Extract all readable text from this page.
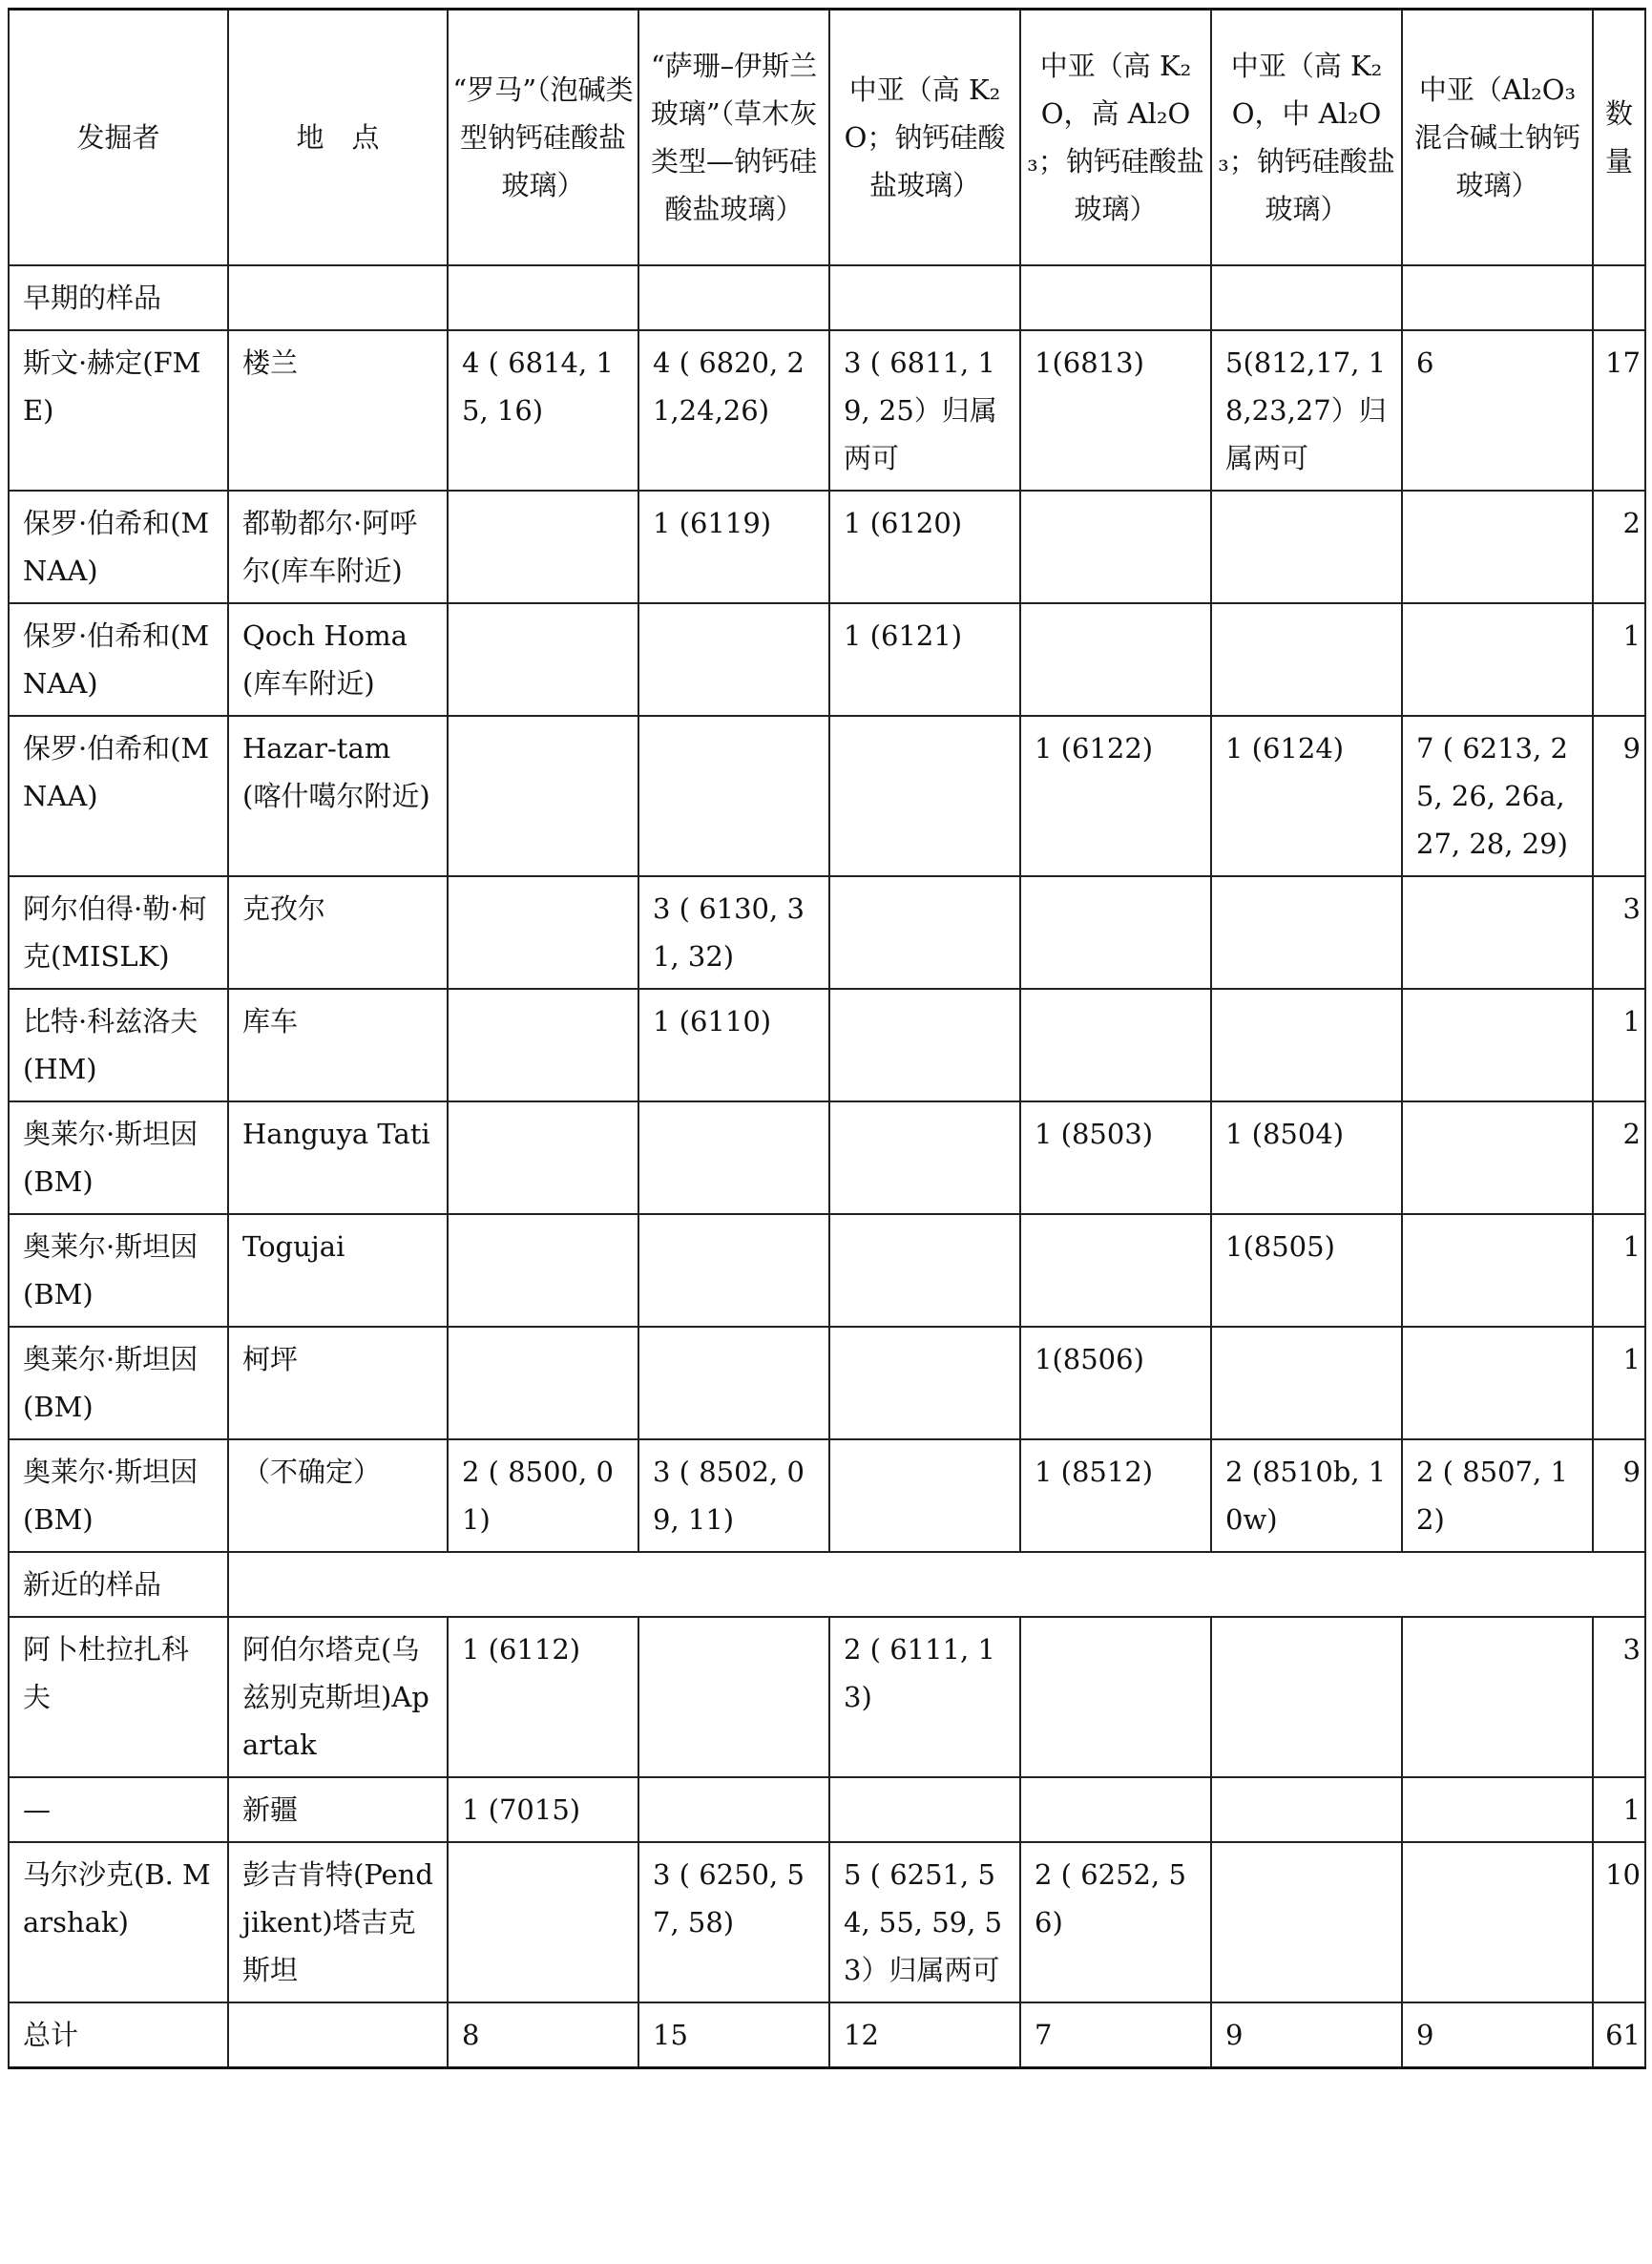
发掘者	地　点	“罗马”（泡碱类型钠钙硅酸盐玻璃）	“萨珊–伊斯兰玻璃”（草木灰类型—钠钙硅酸盐玻璃）	中亚（高 K₂O；钠钙硅酸盐玻璃）	中亚（高 K₂O，高 Al₂O₃；钠钙硅酸盐玻璃）	中亚（高 K₂O，中 Al₂O₃；钠钙硅酸盐玻璃）	中亚（Al₂O₃ 混合碱土钠钙玻璃）	数量
早期的样品								
斯文·赫定(FME)	楼兰	4 ( 6814, 15, 16)	4 ( 6820, 21,24,26)	3 ( 6811, 19, 25）归属两可	1(6813)	5(812,17, 18,23,27）归属两可	6	17
保罗·伯希和(MNAA)	都勒都尔·阿呼尔(库车附近)		1 (6119)	1 (6120)				2
保罗·伯希和(MNAA)	Qoch Homa (库车附近)			1 (6121)				1
保罗·伯希和(MNAA)	Hazar-tam (喀什噶尔附近)				1 (6122)	1 (6124)	7 ( 6213, 25, 26, 26a, 27, 28, 29)	9
阿尔伯得·勒·柯克(MISLK)	克孜尔		3 ( 6130, 31, 32)					3
比特·科兹洛夫(HM)	库车		1 (6110)					1
奥莱尔·斯坦因(BM)	Hanguya Tati				1 (8503)	1 (8504)		2
奥莱尔·斯坦因(BM)	Togujai					1(8505)		1
奥莱尔·斯坦因(BM)	柯坪				1(8506)			1
奥莱尔·斯坦因(BM)	（不确定）	2 ( 8500, 01)	3 ( 8502, 09, 11)		1 (8512)	2 (8510b, 10w)	2 ( 8507, 12)	9
新近的样品								
阿卜杜拉扎科夫	阿伯尔塔克(乌兹别克斯坦)Apartak	1 (6112)		2 ( 6111, 13)				3
—	新疆	1 (7015)						1
马尔沙克(B. Marshak)	彭吉肯特(Pendjikent)塔吉克斯坦		3 ( 6250, 57, 58)	5 ( 6251, 54, 55, 59, 53）归属两可	2 ( 6252, 56)			10
总计		8	15	12	7	9	9	61
